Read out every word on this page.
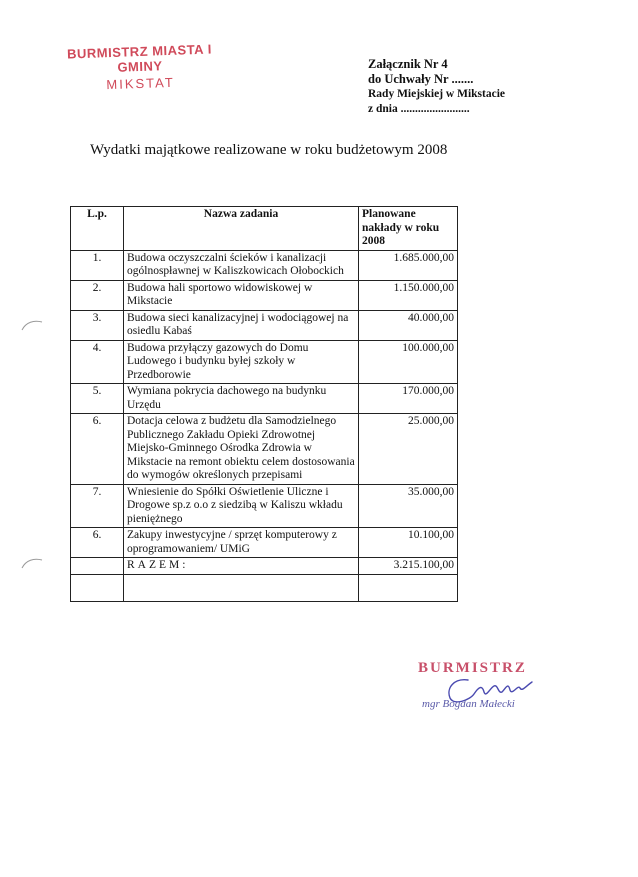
BURMISTRZ MIASTA I GMINY
MIKSTAT
Załącznik Nr 4
do Uchwały Nr .......
Rady Miejskiej w Mikstacie
z dnia ........................
Wydatki majątkowe realizowane w roku budżetowym 2008
L.p.	Nazwa zadania	Planowane nakłady w roku 2008
1.	Budowa oczyszczalni ścieków i kanalizacji ogólnospławnej w Kaliszkowicach Ołobockich	1.685.000,00
2.	Budowa hali sportowo widowiskowej w Mikstacie	1.150.000,00
3.	Budowa sieci kanalizacyjnej i wodociągowej na osiedlu Kabaś	40.000,00
4.	Budowa przyłączy gazowych do Domu Ludowego i budynku byłej szkoły w Przedborowie	100.000,00
5.	Wymiana pokrycia dachowego na budynku Urzędu	170.000,00
6.	Dotacja celowa z budżetu dla Samodzielnego Publicznego Zakładu Opieki Zdrowotnej Miejsko-Gminnego Ośrodka Zdrowia w Mikstacie na remont obiektu celem dostosowania do wymogów określonych przepisami	25.000,00
7.	Wniesienie do Spółki Oświetlenie Uliczne i Drogowe sp.z o.o z siedzibą w Kaliszu wkładu pieniężnego	35.000,00
6.	Zakupy inwestycyjne / sprzęt komputerowy z oprogramowaniem/ UMiG	10.100,00
	RAZEM:	3.215.100,00

BURMISTRZ
mgr Bogdan Małecki
